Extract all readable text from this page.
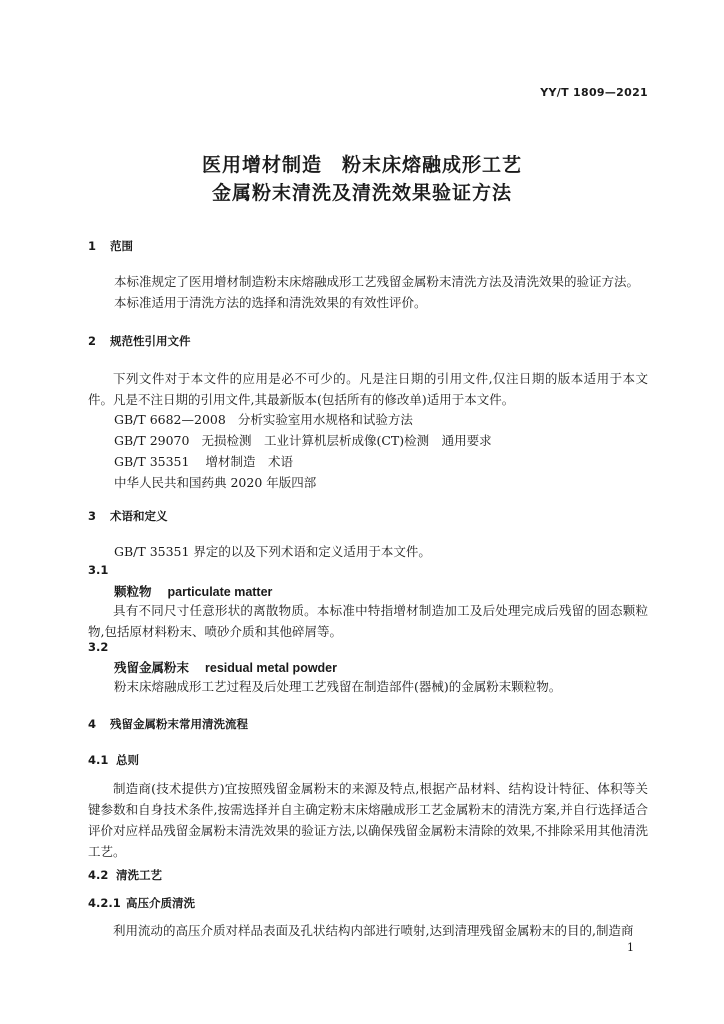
YY/T 1809—2021
医用增材制造　粉末床熔融成形工艺
金属粉末清洗及清洗效果验证方法
1 范围
本标准规定了医用增材制造粉末床熔融成形工艺残留金属粉末清洗方法及清洗效果的验证方法。
本标准适用于清洗方法的选择和清洗效果的有效性评价。
2 规范性引用文件
下列文件对于本文件的应用是必不可少的。凡是注日期的引用文件,仅注日期的版本适用于本文件。凡是不注日期的引用文件,其最新版本(包括所有的修改单)适用于本文件。
GB/T 6682—2008 分析实验室用水规格和试验方法
GB/T 29070 无损检测　工业计算机层析成像(CT)检测　通用要求
GB/T 35351 增材制造　术语
中华人民共和国药典 2020 年版四部
3 术语和定义
GB/T 35351 界定的以及下列术语和定义适用于本文件。
3.1
颗粒物 particulate matter
具有不同尺寸任意形状的离散物质。本标准中特指增材制造加工及后处理完成后残留的固态颗粒物,包括原材料粉末、喷砂介质和其他碎屑等。
3.2
残留金属粉末 residual metal powder
粉末床熔融成形工艺过程及后处理工艺残留在制造部件(器械)的金属粉末颗粒物。
4 残留金属粉末常用清洗流程
4.1 总则
制造商(技术提供方)宜按照残留金属粉末的来源及特点,根据产品材料、结构设计特征、体积等关键参数和自身技术条件,按需选择并自主确定粉末床熔融成形工艺金属粉末的清洗方案,并自行选择适合评价对应样品残留金属粉末清洗效果的验证方法,以确保残留金属粉末清除的效果,不排除采用其他清洗工艺。
4.2 清洗工艺
4.2.1 高压介质清洗
利用流动的高压介质对样品表面及孔状结构内部进行喷射,达到清理残留金属粉末的目的,制造商
1
